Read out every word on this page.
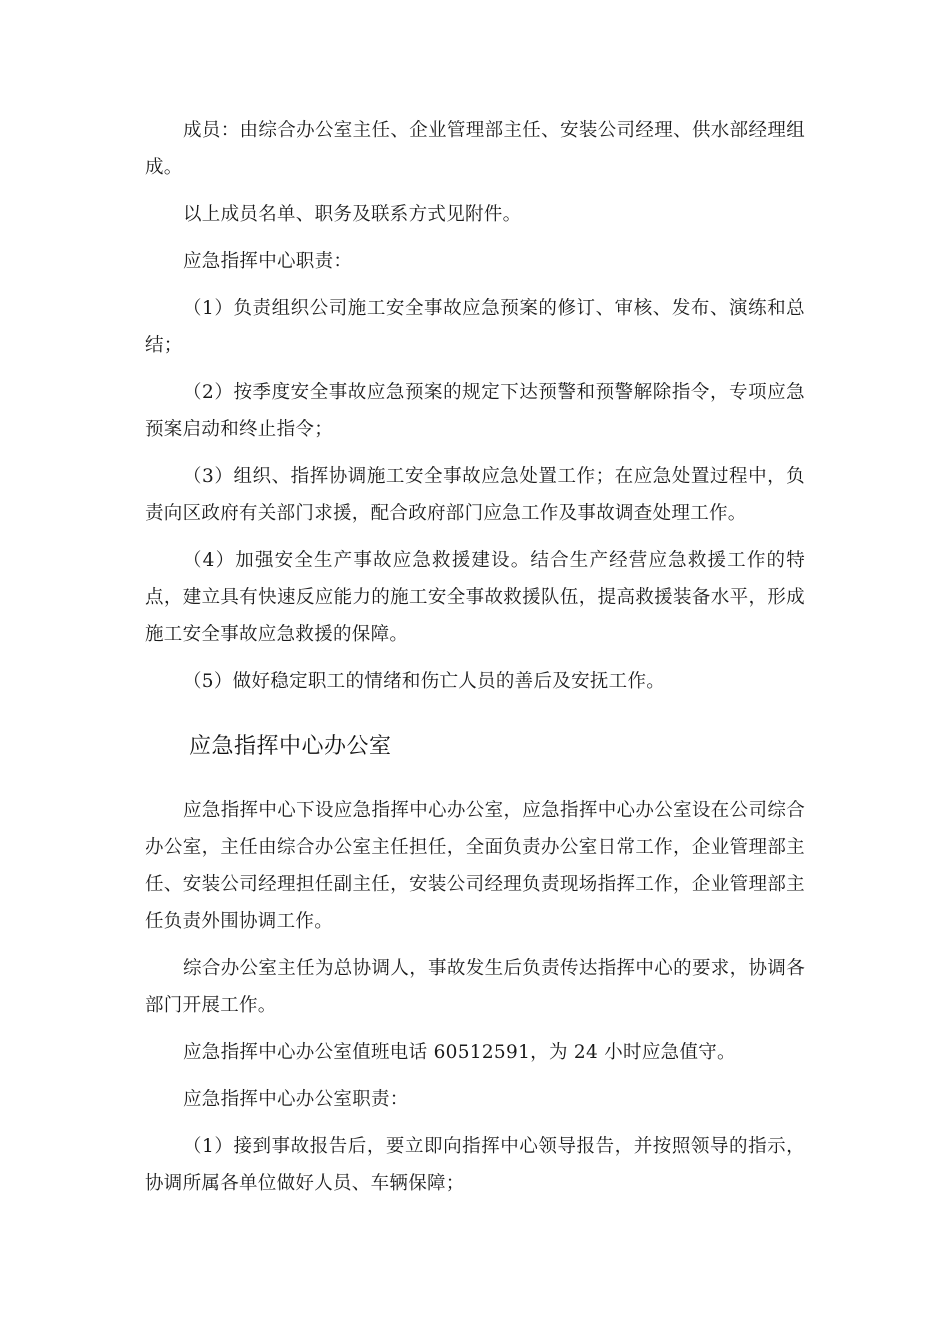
成员：由综合办公室主任、企业管理部主任、安装公司经理、供水部经理组成。

以上成员名单、职务及联系方式见附件。

应急指挥中心职责：

（1）负责组织公司施工安全事故应急预案的修订、审核、发布、演练和总结；

（2）按季度安全事故应急预案的规定下达预警和预警解除指令，专项应急预案启动和终止指令；

（3）组织、指挥协调施工安全事故应急处置工作；在应急处置过程中，负责向区政府有关部门求援，配合政府部门应急工作及事故调查处理工作。

（4）加强安全生产事故应急救援建设。结合生产经营应急救援工作的特点，建立具有快速反应能力的施工安全事故救援队伍，提高救援装备水平，形成施工安全事故应急救援的保障。

（5）做好稳定职工的情绪和伤亡人员的善后及安抚工作。

应急指挥中心办公室

应急指挥中心下设应急指挥中心办公室，应急指挥中心办公室设在公司综合办公室，主任由综合办公室主任担任，全面负责办公室日常工作，企业管理部主任、安装公司经理担任副主任，安装公司经理负责现场指挥工作，企业管理部主任负责外围协调工作。

综合办公室主任为总协调人，事故发生后负责传达指挥中心的要求，协调各部门开展工作。

应急指挥中心办公室值班电话 60512591，为 24 小时应急值守。

应急指挥中心办公室职责：

（1）接到事故报告后，要立即向指挥中心领导报告，并按照领导的指示，协调所属各单位做好人员、车辆保障；
